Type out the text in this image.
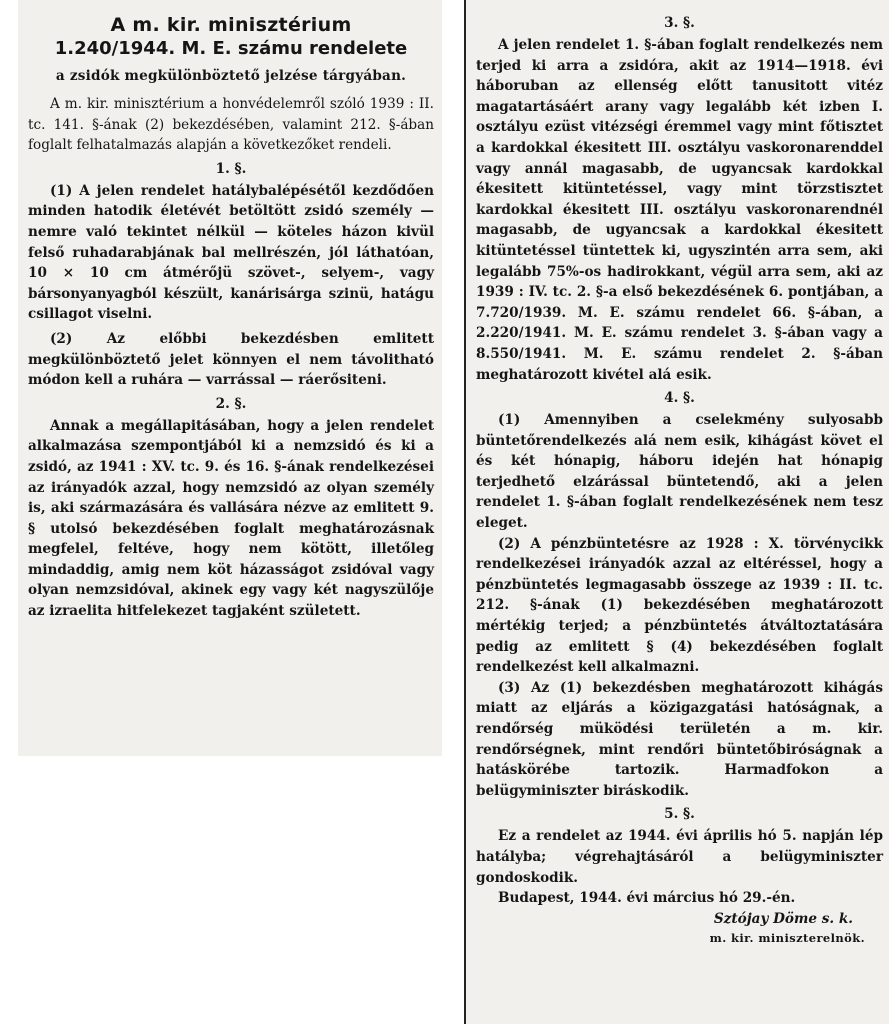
A m. kir. minisztérium
1.240/1944. M. E. számu rendelete
a zsidók megkülönböztető jelzése tárgyában.

A m. kir. minisztérium a honvédelemről szóló 1939 : II. tc. 141. §-ának (2) bekezdésében, valamint 212. §-ában foglalt felhatalmazás alapján a következőket rendeli.

1. §.

(1) A jelen rendelet hatálybalépésétől kezdődően minden hatodik életévét betöltött zsidó személy — nemre való tekintet nélkül — köteles házon kivül felső ruhadarabjának bal mellrészén, jól láthatóan, 10 × 10 cm átmérőjü szövet-, selyem-, vagy bársonyanyagból készült, kanárisárga szinü, hatágu csillagot viselni.

(2) Az előbbi bekezdésben emlitett megkülönböztető jelet könnyen el nem távolitható módon kell a ruhára — varrással — ráerősiteni.

2. §.

Annak a megállapitásában, hogy a jelen rendelet alkalmazása szempontjából ki a nemzsidó és ki a zsidó, az 1941 : XV. tc. 9. és 16. §-ának rendelkezései az irányadók azzal, hogy nemzsidó az olyan személy is, aki származására és vallására nézve az emlitett 9. § utolsó bekezdésében foglalt meghatározásnak megfelel, feltéve, hogy nem kötött, illetőleg mindaddig, amig nem köt házasságot zsidóval vagy olyan nemzsidóval, akinek egy vagy két nagyszülője az izraelita hitfelekezet tagjaként született.

3. §.

A jelen rendelet 1. §-ában foglalt rendelkezés nem terjed ki arra a zsidóra, akit az 1914—1918. évi háboruban az ellenség előtt tanusitott vitéz magatartásáért arany vagy legalább két izben I. osztályu ezüst vitézségi éremmel vagy mint főtisztet a kardokkal ékesitett III. osztályu vaskoronarenddel vagy annál magasabb, de ugyancsak kardokkal ékesitett kitüntetéssel, vagy mint törzstisztet kardokkal ékesitett III. osztályu vaskoronarendnél magasabb, de ugyancsak a kardokkal ékesitett kitüntetéssel tüntettek ki, ugyszintén arra sem, aki legalább 75%-os hadirokkant, végül arra sem, aki az 1939 : IV. tc. 2. §-a első bekezdésének 6. pontjában, a 7.720/1939. M. E. számu rendelet 66. §-ában, a 2.220/1941. M. E. számu rendelet 3. §-ában vagy a 8.550/1941. M. E. számu rendelet 2. §-ában meghatározott kivétel alá esik.

4. §.

(1) Amennyiben a cselekmény sulyosabb büntetőrendelkezés alá nem esik, kihágást követ el és két hónapig, háboru idején hat hónapig terjedhető elzárással büntetendő, aki a jelen rendelet 1. §-ában foglalt rendelkezésének nem tesz eleget.

(2) A pénzbüntetésre az 1928 : X. törvénycikk rendelkezései irányadók azzal az eltéréssel, hogy a pénzbüntetés legmagasabb összege az 1939 : II. tc. 212. §-ának (1) bekezdésében meghatározott mértékig terjed; a pénzbüntetés átváltoztatására pedig az emlitett § (4) bekezdésében foglalt rendelkezést kell alkalmazni.

(3) Az (1) bekezdésben meghatározott kihágás miatt az eljárás a közigazgatási hatóságnak, a rendőrség müködési területén a m. kir. rendőrségnek, mint rendőri büntetőbiróságnak a hatáskörébe tartozik. Harmadfokon a belügyminiszter biráskodik.

5. §.

Ez a rendelet az 1944. évi április hó 5. napján lép hatályba; végrehajtásáról a belügyminiszter gondoskodik.

Budapest, 1944. évi március hó 29.-én.

Sztójay Döme s. k.

m. kir. miniszterelnök.
